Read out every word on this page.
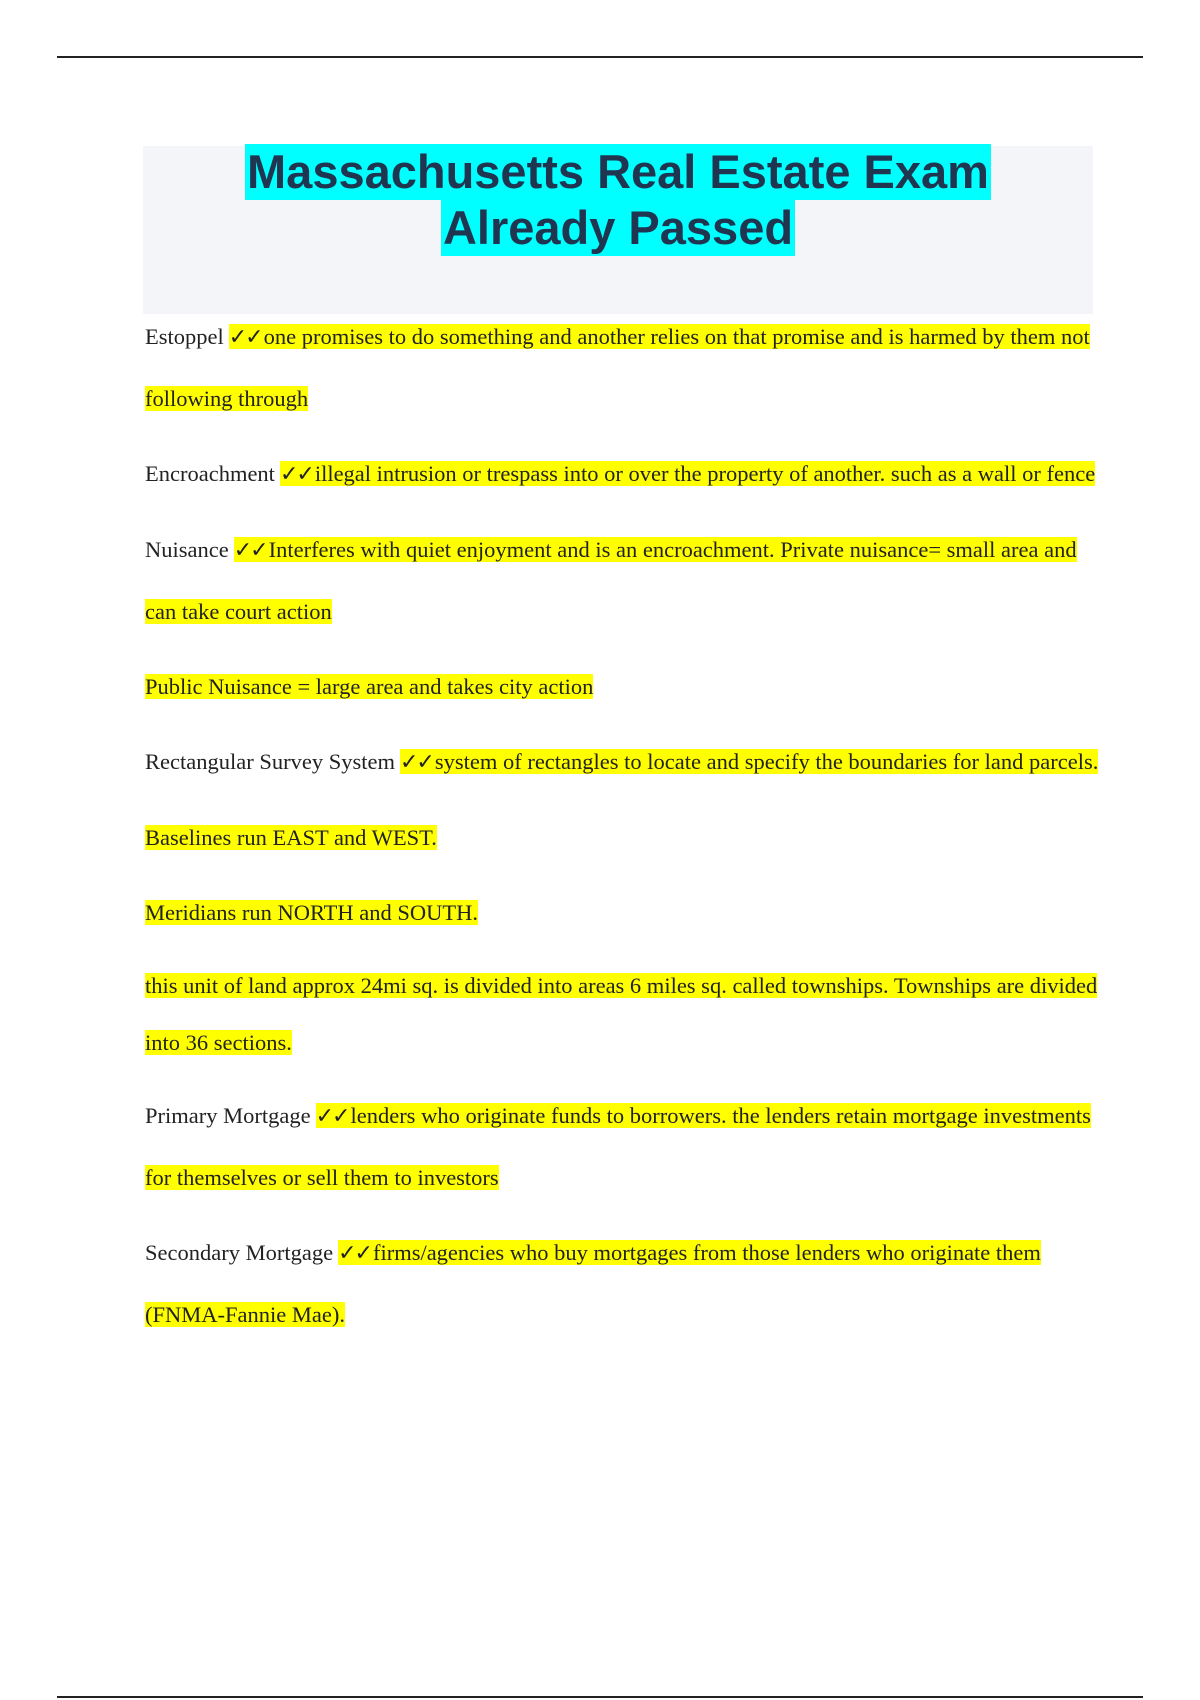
Massachusetts Real Estate Exam
Already Passed

Estoppel ✓✓one promises to do something and another relies on that promise and is harmed by them not following through

Encroachment ✓✓illegal intrusion or trespass into or over the property of another. such as a wall or fence

Nuisance ✓✓Interferes with quiet enjoyment and is an encroachment. Private nuisance= small area and can take court action

Public Nuisance = large area and takes city action

Rectangular Survey System ✓✓system of rectangles to locate and specify the boundaries for land parcels.

Baselines run EAST and WEST.

Meridians run NORTH and SOUTH.

this unit of land approx 24mi sq. is divided into areas 6 miles sq. called townships. Townships are divided into 36 sections.

Primary Mortgage ✓✓lenders who originate funds to borrowers. the lenders retain mortgage investments for themselves or sell them to investors

Secondary Mortgage ✓✓firms/agencies who buy mortgages from those lenders who originate them (FNMA-Fannie Mae).
